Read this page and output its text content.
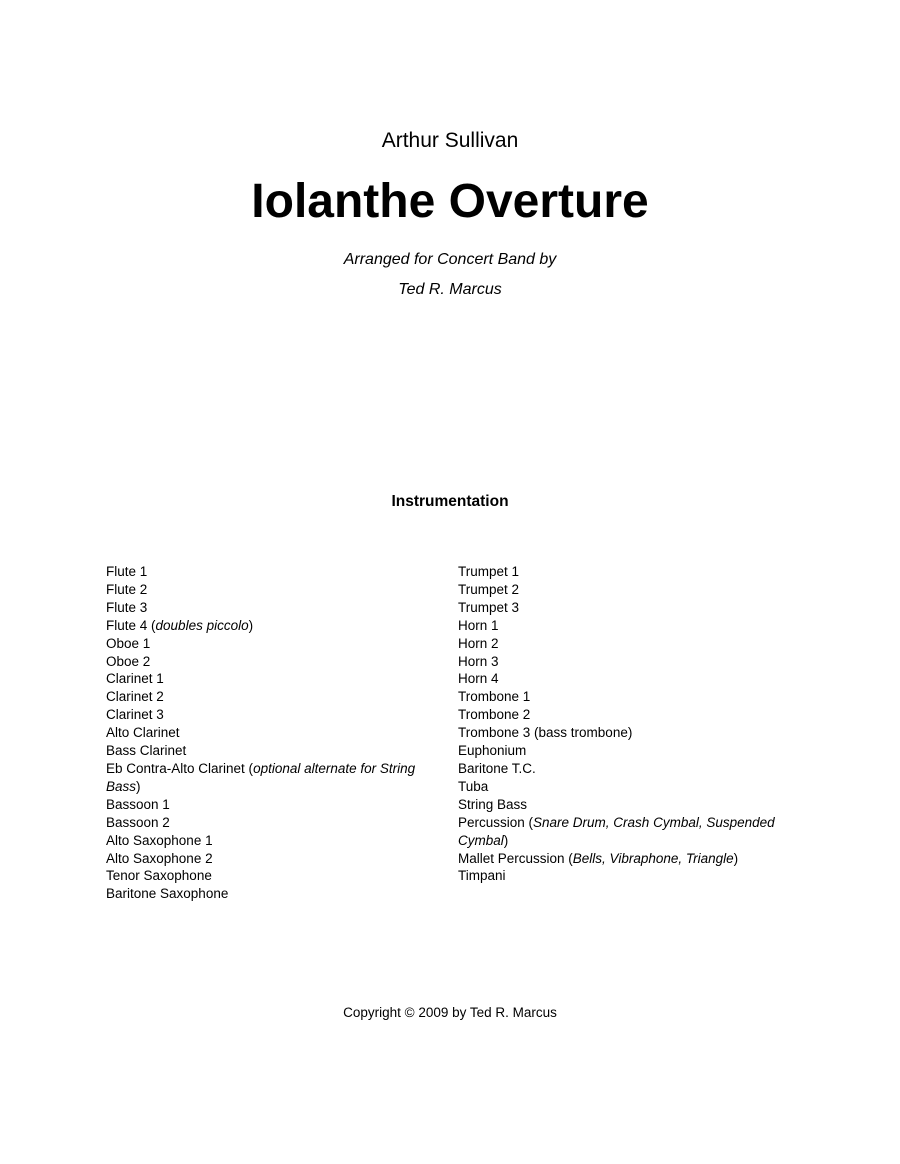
Arthur Sullivan
Iolanthe Overture
Arranged for Concert Band by
Ted R. Marcus
Instrumentation
Flute 1
Flute 2
Flute 3
Flute 4 (doubles piccolo)
Oboe 1
Oboe 2
Clarinet 1
Clarinet 2
Clarinet 3
Alto Clarinet
Bass Clarinet
Eb Contra-Alto Clarinet (optional alternate for String Bass)
Bassoon 1
Bassoon 2
Alto Saxophone 1
Alto Saxophone 2
Tenor Saxophone
Baritone Saxophone
Trumpet 1
Trumpet 2
Trumpet 3
Horn 1
Horn 2
Horn 3
Horn 4
Trombone 1
Trombone 2
Trombone 3 (bass trombone)
Euphonium
Baritone T.C.
Tuba
String Bass
Percussion (Snare Drum, Crash Cymbal, Suspended Cymbal)
Mallet Percussion (Bells, Vibraphone, Triangle)
Timpani
Copyright © 2009 by Ted R. Marcus
